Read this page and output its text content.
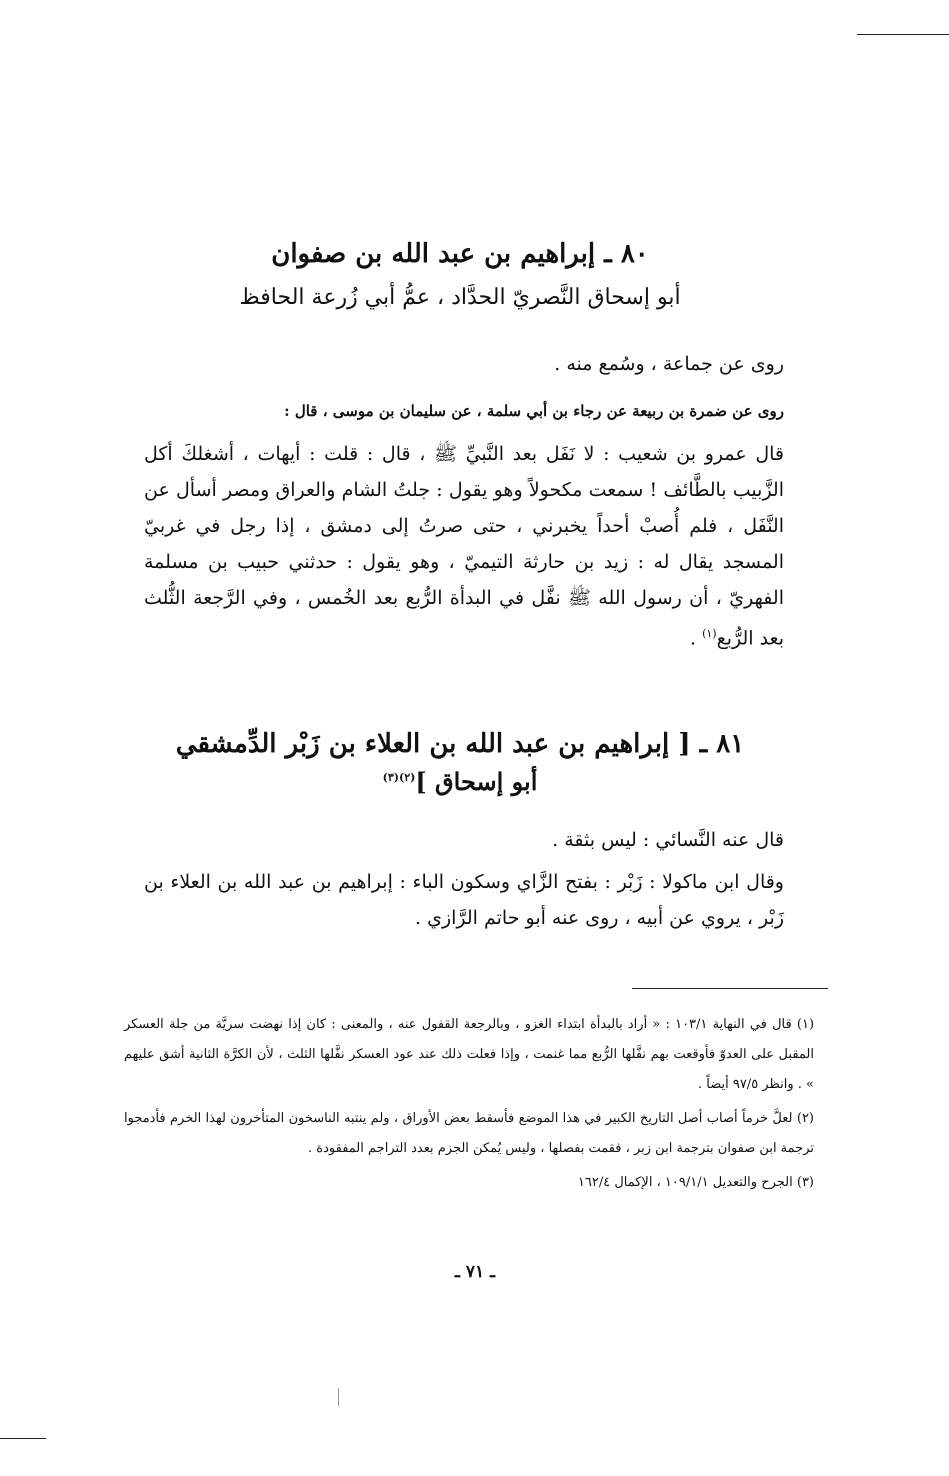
٨٠ ـ إبراهيم بن عبد الله بن صفوان
أبو إسحاق النَّصريّ الحدَّاد ، عمُّ أبي زُرعة الحافظ
روى عن جماعة ، وسُمع منه .
روى عن ضمرة بن ربيعة عن رجاء بن أبي سلمة ، عن سليمان بن موسى ، قال :
قال عمرو بن شعيب : لا نَفَل بعد النَّبيِّ ﷺ ، قال : قلت : أيهات ، أشغلكَ أكل الزَّبيب بالطَّائف ! سمعت مكحولاً وهو يقول : جلتُ الشام والعراق ومصر أسأل عن النَّفَل ، فلم أُصبْ أحداً يخبرني ، حتى صرتُ إلى دمشق ، إذا رجل في غربيّ المسجد يقال له : زيد بن حارثة التيميّ ، وهو يقول : حدثني حبيب بن مسلمة الفهريّ ، أن رسول الله ﷺ نفَّل في البدأة الرُّبع بعد الخُمس ، وفي الرَّجعة الثُّلث بعد الرُّبع$^{(١)}$ .
٨١ ـ [ إبراهيم بن عبد الله بن العلاء بن زَبْر الدِّمشقي
أبو إسحاق ]$^{(٢)(٣)}$
قال عنه النَّسائي : ليس بثقة .
وقال ابن ماكولا : زَبْر : بفتح الزَّاي وسكون الباء : إبراهيم بن عبد الله بن العلاء بن زَبْر ، يروي عن أبيه ، روى عنه أبو حاتم الرَّازي .

(١) قال في النهاية ١٠٣/١ : « أراد بالبدأة ابتداء الغزو ، وبالرجعة القفول عنه ، والمعنى : كان إذا نهضت سريَّة من جلة العسكر المقبل على العدوّ فأوقعت بهم نفَّلها الرُّبع مما غنمت ، وإذا فعلت ذلك عند عود العسكر نفَّلها الثلث ، لأن الكرَّة الثانية أشق عليهم » . وانظر ٩٧/٥ أيضاً .

(٢) لعلَّ خرماً أصاب أصل التاريخ الكبير في هذا الموضع فأسقط بعض الأوراق ، ولم ينتبه الناسخون المتأخرون لهذا الخرم فأدمجوا ترجمة ابن صفوان بترجمة ابن زبر ، فقمت بفصلها ، وليس يُمكن الجزم بعدد التراجم المفقودة .

(٣) الجرح والتعديل ١٠٩/١/١ ، الإكمال ١٦٢/٤

ـ ٧١ ـ
